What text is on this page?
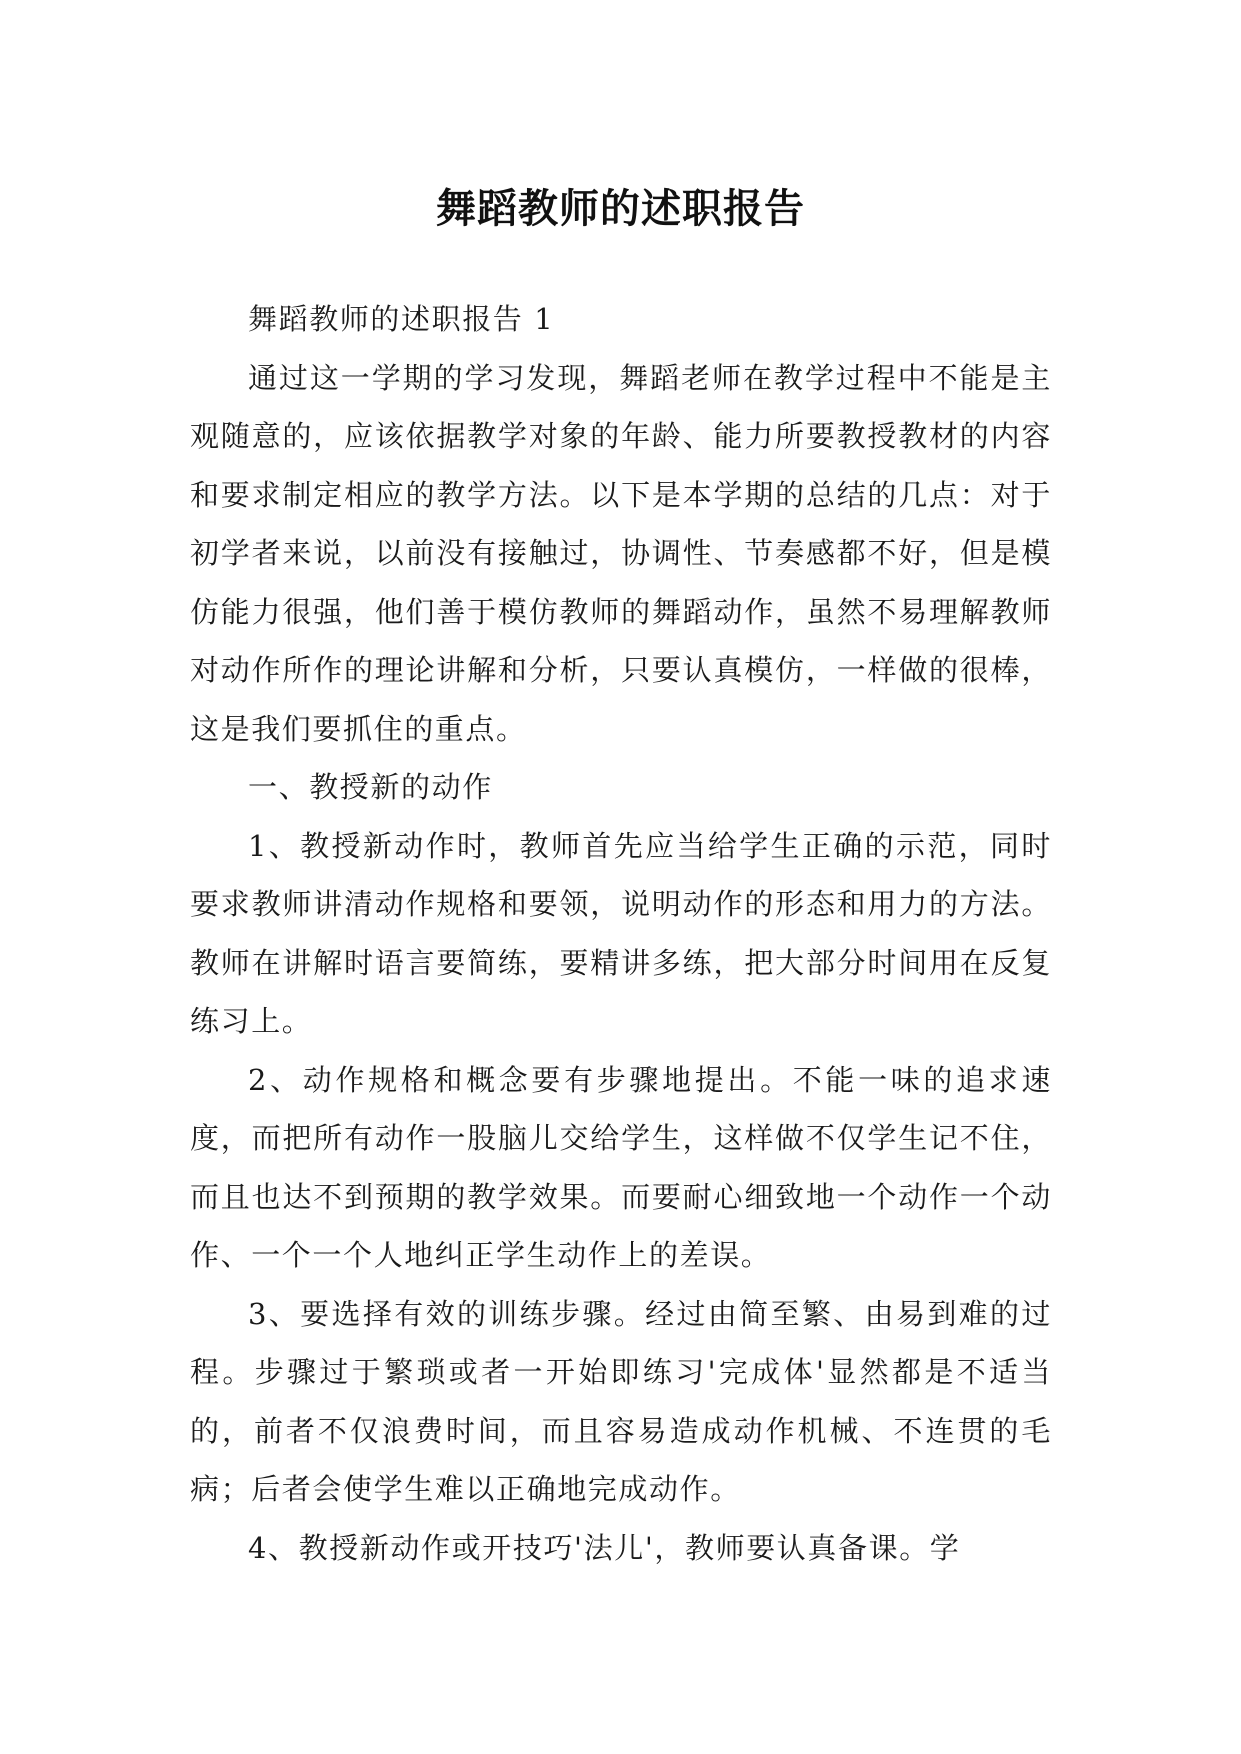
舞蹈教师的述职报告

舞蹈教师的述职报告 1

通过这一学期的学习发现，舞蹈老师在教学过程中不能是主观随意的，应该依据教学对象的年龄、能力所要教授教材的内容和要求制定相应的教学方法。以下是本学期的总结的几点：对于初学者来说，以前没有接触过，协调性、节奏感都不好，但是模仿能力很强，他们善于模仿教师的舞蹈动作，虽然不易理解教师对动作所作的理论讲解和分析，只要认真模仿，一样做的很棒，这是我们要抓住的重点。

一、教授新的动作

1、教授新动作时，教师首先应当给学生正确的示范，同时要求教师讲清动作规格和要领，说明动作的形态和用力的方法。教师在讲解时语言要简练，要精讲多练，把大部分时间用在反复练习上。

2、动作规格和概念要有步骤地提出。不能一味的追求速度，而把所有动作一股脑儿交给学生，这样做不仅学生记不住，而且也达不到预期的教学效果。而要耐心细致地一个动作一个动作、一个一个人地纠正学生动作上的差误。

3、要选择有效的训练步骤。经过由简至繁、由易到难的过程。步骤过于繁琐或者一开始即练习'完成体'显然都是不适当的，前者不仅浪费时间，而且容易造成动作机械、不连贯的毛病；后者会使学生难以正确地完成动作。

4、教授新动作或开技巧'法儿'，教师要认真备课。学
